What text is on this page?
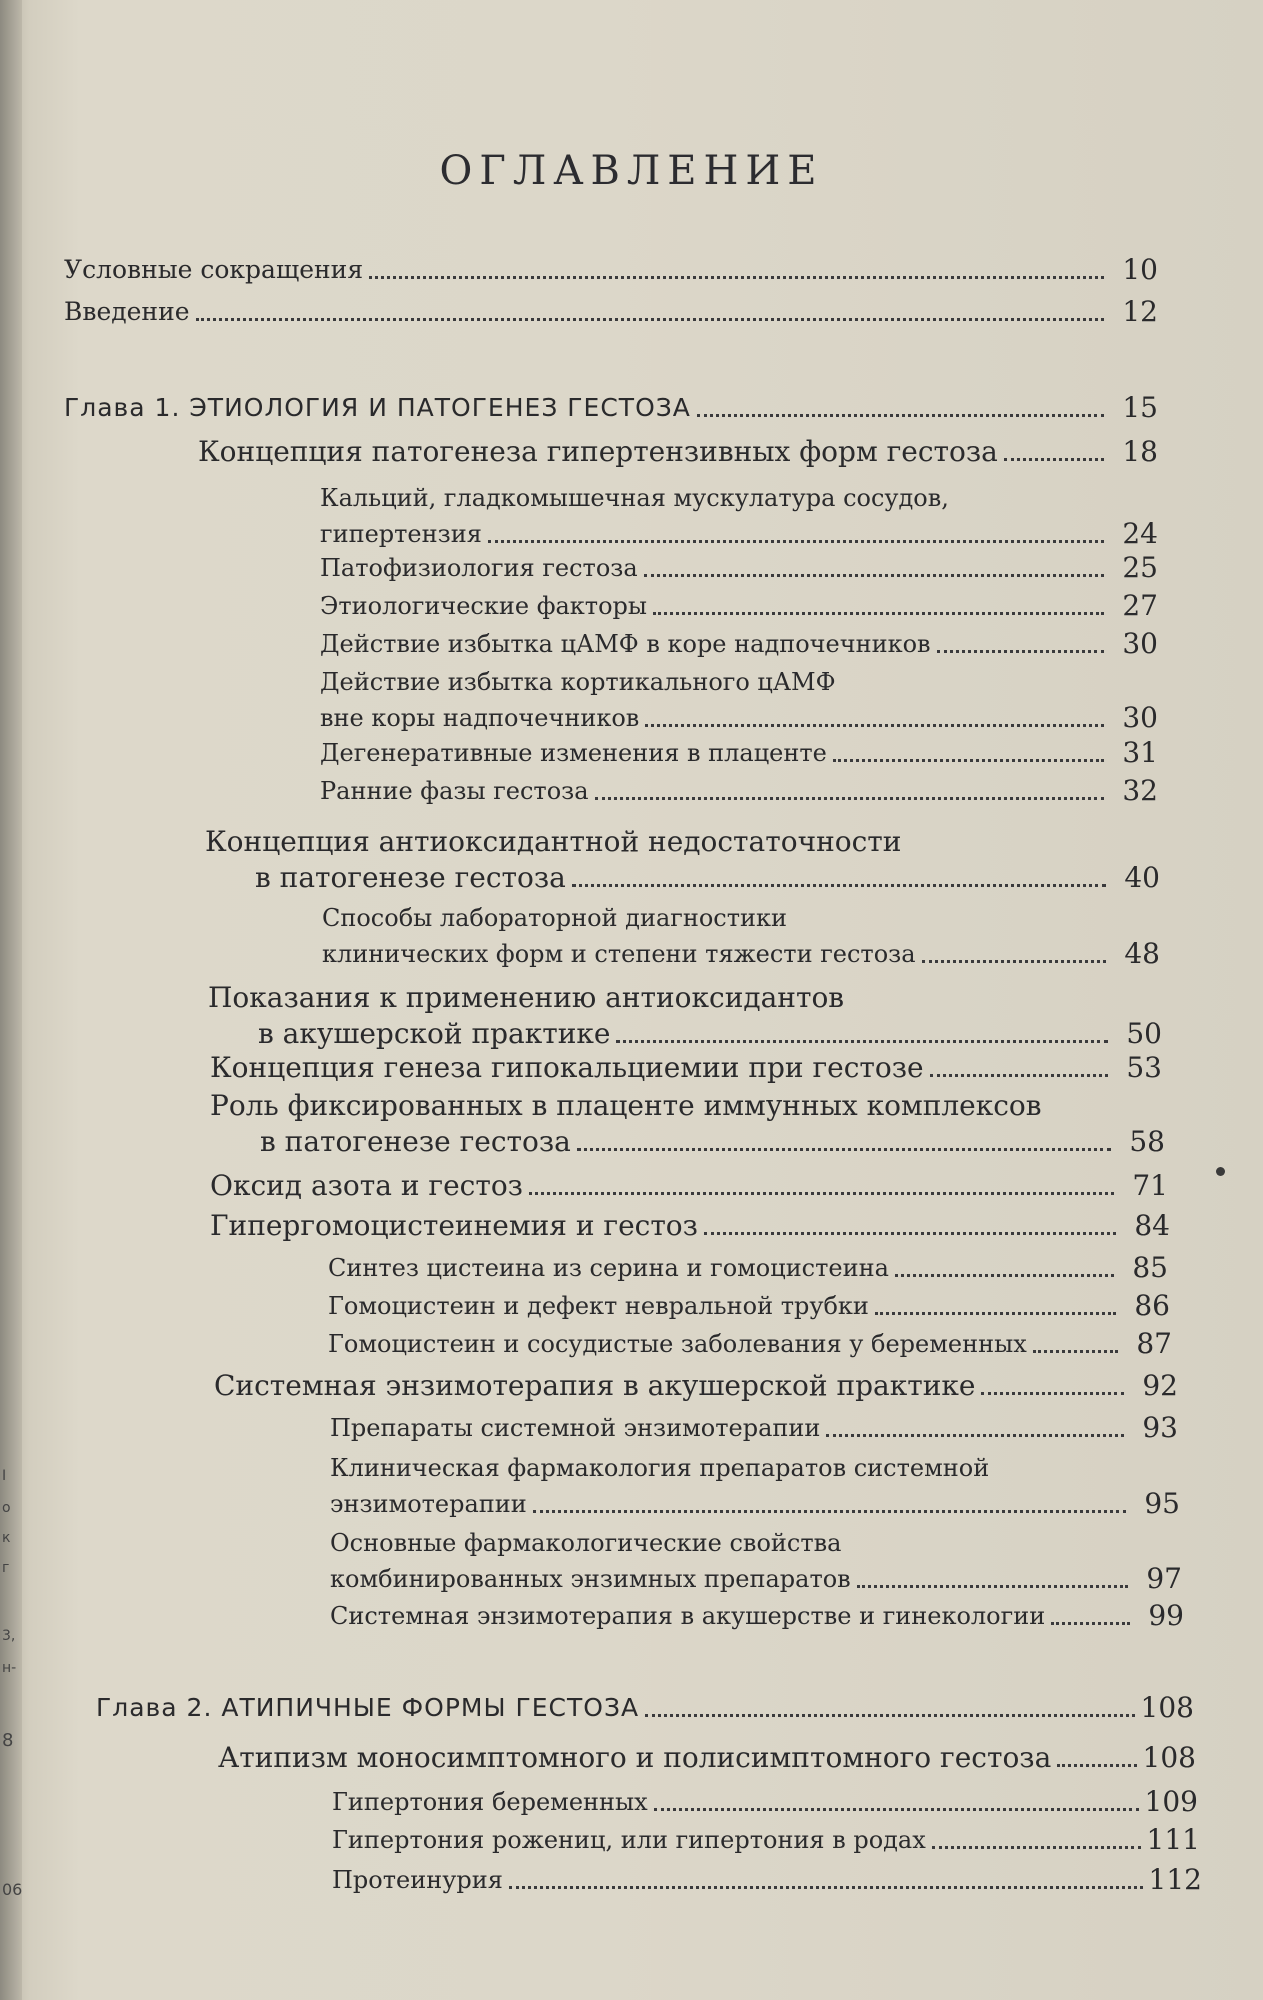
ОГЛАВЛЕНИЕ
Условные сокращения	10
Введение	12
Глава 1. ЭТИОЛОГИЯ И ПАТОГЕНЕЗ ГЕСТОЗА	15
Концепция патогенеза гипертензивных форм гестоза	18
Кальций, гладкомышечная мускулатура сосудов,
гипертензия	24
Патофизиология гестоза	25
Этиологические факторы	27
Действие избытка цАМФ в коре надпочечников	30
Действие избытка кортикального цАМФ
вне коры надпочечников	30
Дегенеративные изменения в плаценте	31
Ранние фазы гестоза	32
Концепция антиоксидантной недостаточности
в патогенезе гестоза	40
Способы лабораторной диагностики
клинических форм и степени тяжести гестоза	48
Показания к применению антиоксидантов
в акушерской практике	50
Концепция генеза гипокальциемии при гестозе	53
Роль фиксированных в плаценте иммунных комплексов
в патогенезе гестоза	58
Оксид азота и гестоз	71
Гипергомоцистеинемия и гестоз	84
Синтез цистеина из серина и гомоцистеина	85
Гомоцистеин и дефект невральной трубки	86
Гомоцистеин и сосудистые заболевания у беременных	87
Системная энзимотерапия в акушерской практике	92
Препараты системной энзимотерапии	93
Клиническая фармакология препаратов системной
энзимотерапии	95
Основные фармакологические свойства
комбинированных энзимных препаратов	97
Системная энзимотерапия в акушерстве и гинекологии	99
Глава 2. АТИПИЧНЫЕ ФОРМЫ ГЕСТОЗА	108
Атипизм моносимптомного и полисимптомного гестоза	108
Гипертония беременных	109
Гипертония рожениц, или гипертония в родах	111
Протеинурия	112
I
o
к
г
3,
н-
8
06
